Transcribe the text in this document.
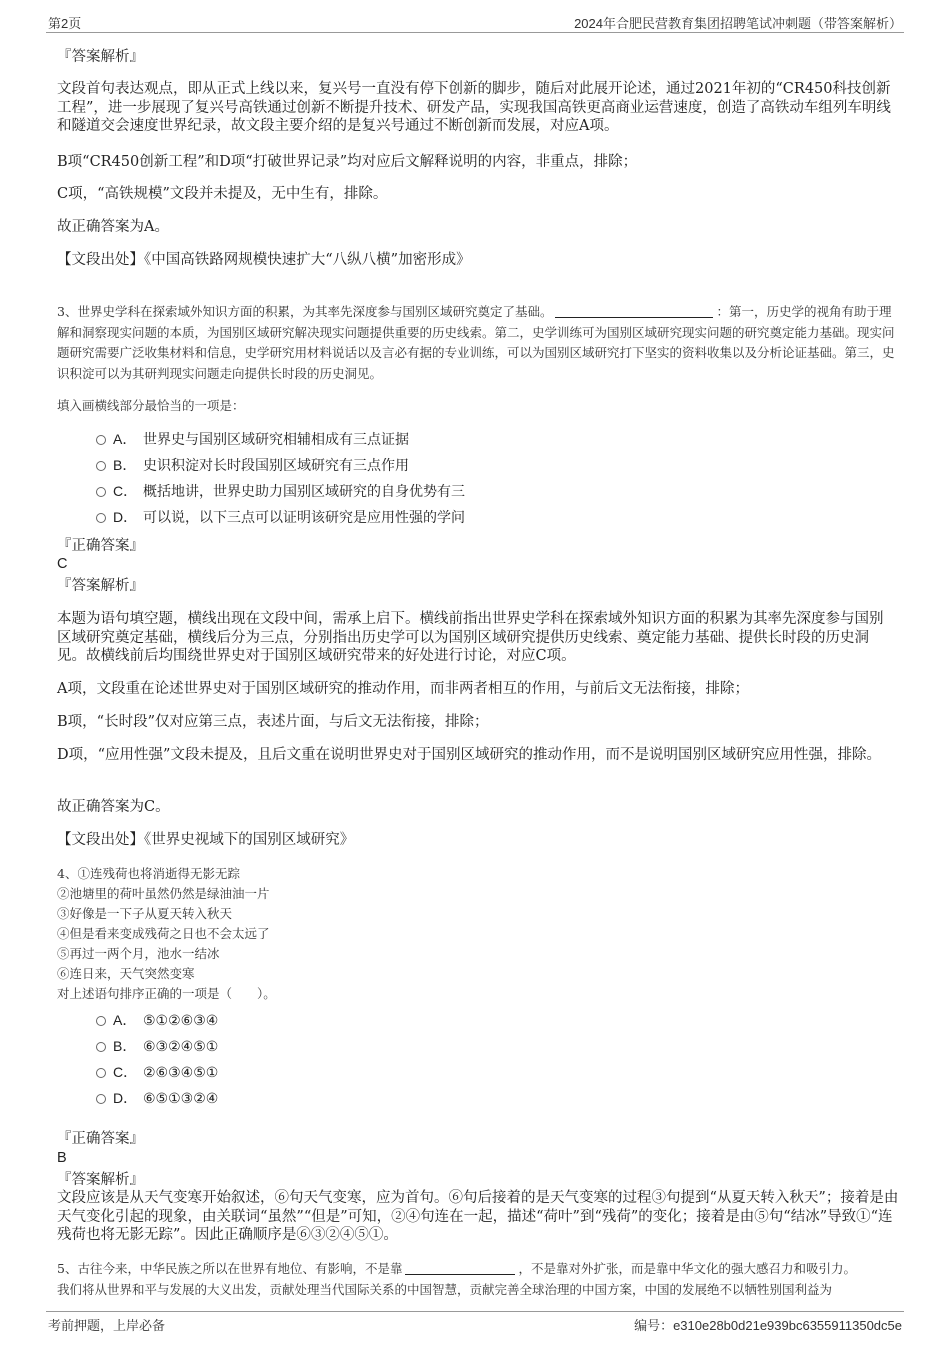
第2页	2024年合肥民营教育集团招聘笔试冲刺题（带答案解析）
『答案解析』
文段首句表达观点，即从正式上线以来，复兴号一直没有停下创新的脚步，随后对此展开论述，通过2021年初的“CR450科技创新工程”，进一步展现了复兴号高铁通过创新不断提升技术、研发产品，实现我国高铁更高商业运营速度，创造了高铁动车组列车明线和隧道交会速度世界纪录，故文段主要介绍的是复兴号通过不断创新而发展，对应A项。
B项“CR450创新工程”和D项“打破世界记录”均对应后文解释说明的内容，非重点，排除；
C项，“高铁规模”文段并未提及，无中生有，排除。
故正确答案为A。
【文段出处】《中国高铁路网规模快速扩大“八纵八横”加密形成》
3、世界史学科在探索域外知识方面的积累，为其率先深度参与国别区域研究奠定了基础。	：第一，历史学的视角有助于理解和洞察现实问题的本质，为国别区域研究解决现实问题提供重要的历史线索。第二，史学训练可为国别区域研究现实问题的研究奠定能力基础。现实问题研究需要广泛收集材料和信息，史学研究用材料说话以及言必有据的专业训练，可以为国别区域研究打下坚实的资料收集以及分析论证基础。第三，史识积淀可以为其研判现实问题走向提供长时段的历史洞见。
填入画横线部分最恰当的一项是：
A． 世界史与国别区域研究相辅相成有三点证据
B． 史识积淀对长时段国别区域研究有三点作用
C． 概括地讲，世界史助力国别区域研究的自身优势有三
D． 可以说，以下三点可以证明该研究是应用性强的学问
『正确答案』
C
『答案解析』
本题为语句填空题，横线出现在文段中间，需承上启下。横线前指出世界史学科在探索域外知识方面的积累为其率先深度参与国别区域研究奠定基础，横线后分为三点，分别指出历史学可以为国别区域研究提供历史线索、奠定能力基础、提供长时段的历史洞见。故横线前后均围绕世界史对于国别区域研究带来的好处进行讨论，对应C项。
A项，文段重在论述世界史对于国别区域研究的推动作用，而非两者相互的作用，与前后文无法衔接，排除；
B项，“长时段”仅对应第三点，表述片面，与后文无法衔接，排除；
D项，“应用性强”文段未提及，且后文重在说明世界史对于国别区域研究的推动作用，而不是说明国别区域研究应用性强，排除。
故正确答案为C。
【文段出处】《世界史视域下的国别区域研究》
4、①连残荷也将消逝得无影无踪
②池塘里的荷叶虽然仍然是绿油油一片
③好像是一下子从夏天转入秋天
④但是看来变成残荷之日也不会太远了
⑤再过一两个月，池水一结冰
⑥连日来，天气突然变寒
对上述语句排序正确的一项是（　　）。
A． ⑤①②⑥③④
B． ⑥③②④⑤①
C． ②⑥③④⑤①
D． ⑥⑤①③②④
『正确答案』
B
『答案解析』
文段应该是从天气变寒开始叙述，⑥句天气变寒，应为首句。⑥句后接着的是天气变寒的过程③句提到“从夏天转入秋天”；接着是由天气变化引起的现象，由关联词“虽然”“但是”可知，②④句连在一起，描述“荷叶”到“残荷”的变化；接着是由⑤句“结冰”导致①“连残荷也将无影无踪”。因此正确顺序是⑥③②④⑤①。
5、古往今来，中华民族之所以在世界有地位、有影响，不是靠	，不是靠对外扩张，而是靠中华文化的强大感召力和吸引力。
我们将从世界和平与发展的大义出发，贡献处理当代国际关系的中国智慧，贡献完善全球治理的中国方案，中国的发展绝不以牺牲别国利益为
考前押题，上岸必备	编号：e310e28b0d21e939bc6355911350dc5e
